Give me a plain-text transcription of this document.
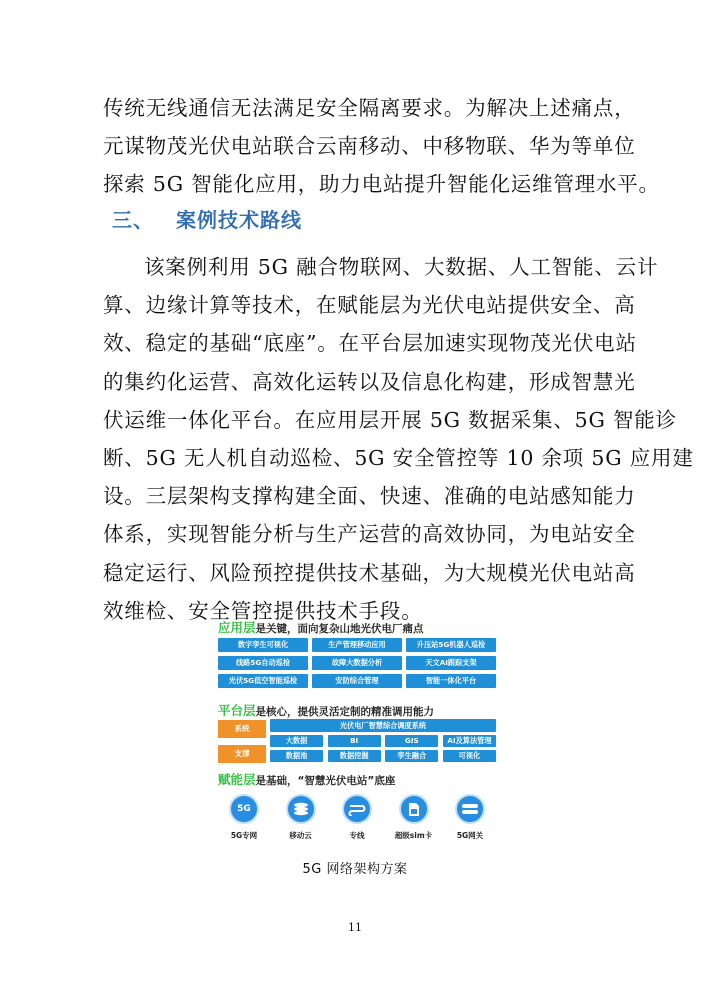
传统无线通信无法满足安全隔离要求。为解决上述痛点，
元谋物茂光伏电站联合云南移动、中移物联、华为等单位
探索 5G 智能化应用，助力电站提升智能化运维管理水平。
三、 案例技术路线
该案例利用 5G 融合物联网、大数据、人工智能、云计
算、边缘计算等技术，在赋能层为光伏电站提供安全、高
效、稳定的基础“底座”。在平台层加速实现物茂光伏电站
的集约化运营、高效化运转以及信息化构建，形成智慧光
伏运维一体化平台。在应用层开展 5G 数据采集、5G 智能诊
断、5G 无人机自动巡检、5G 安全管控等 10 余项 5G 应用建
设。三层架构支撑构建全面、快速、准确的电站感知能力
体系，实现智能分析与生产运营的高效协同，为电站安全
稳定运行、风险预控提供技术基础，为大规模光伏电站高
效维检、安全管控提供技术手段。
应用层是关键，面向复杂山地光伏电厂痛点
数字孪生可视化	生产管理移动应用	升压站5G机器人巡检
线路5G自动巡检	故障大数据分析	天文AI跟踪支架
光伏5G低空智能巡检	安防综合管理	智能一体化平台
平台层是核心，提供灵活定制的精准调用能力
系统
支撑
光伏电厂智慧综合调度系统
大数据	BI	GIS	AI及算法管理
数据池	数据挖掘	孪生融合	可视化
赋能层是基础，“智慧光伏电站”底座
5G
5G专网	移动云	专线	超级sim卡	5G网关

5G 网络架构方案

11
